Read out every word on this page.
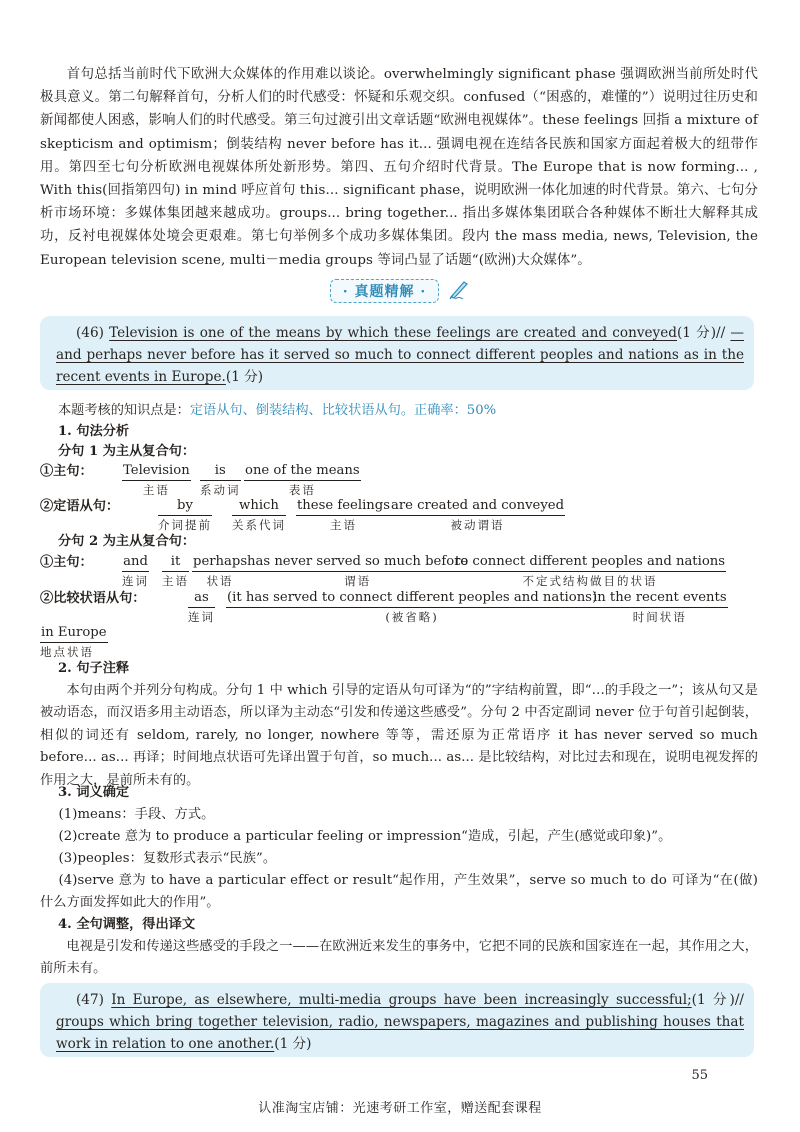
首句总括当前时代下欧洲大众媒体的作用难以谈论。overwhelmingly significant phase 强调欧洲当前所处时代极具意义。第二句解释首句，分析人们的时代感受：怀疑和乐观交织。confused（“困惑的，难懂的”）说明过往历史和新闻都使人困惑，影响人们的时代感受。第三句过渡引出文章话题“欧洲电视媒体”。these feelings 回指 a mixture of skepticism and optimism；倒装结构 never before has it... 强调电视在连结各民族和国家方面起着极大的纽带作用。第四至七句分析欧洲电视媒体所处新形势。第四、五句介绍时代背景。The Europe that is now forming... , With this(回指第四句) in mind 呼应首句 this... significant phase，说明欧洲一体化加速的时代背景。第六、七句分析市场环境：多媒体集团越来越成功。groups... bring together... 指出多媒体集团联合各种媒体不断壮大解释其成功，反衬电视媒体处境会更艰难。第七句举例多个成功多媒体集团。段内 the mass media, news, Television, the European television scene, multi－media groups 等词凸显了话题“(欧洲)大众媒体”。
· 真题精解 ·
(46) Television is one of the means by which these feelings are created and conveyed(1 分)// —and perhaps never before has it served so much to connect different peoples and nations as in the recent events in Europe.(1 分)
本题考核的知识点是：定语从句、倒装结构、比较状语从句。正确率：50%
1. 句法分析
分句 1 为主从复合句：
①主句： Television
主语
is
系动词
one of the means
表语
②定语从句：	by
介词提前
which
关系代词
these feelings
主语
are created and conveyed
被动谓语
分句 2 为主从复合句：
①主句： and
连词
it
主语
perhaps
状语
has never served so much before
谓语
to connect different peoples and nations
不定式结构做目的状语
②比较状语从句：	as
连词
(it has served to connect different peoples and nations)
(被省略)
in the recent events
时间状语
in Europe
地点状语
2. 句子注释
本句由两个并列分句构成。分句 1 中 which 引导的定语从句可译为“的”字结构前置，即“…的手段之一”；该从句又是被动语态，而汉语多用主动语态，所以译为主动态“引发和传递这些感受”。分句 2 中否定副词 never 位于句首引起倒装，相似的词还有 seldom, rarely, no longer, nowhere 等等，需还原为正常语序 it has never served so much before... as... 再译；时间地点状语可先译出置于句首，so much... as... 是比较结构，对比过去和现在，说明电视发挥的作用之大，是前所未有的。
3. 词义确定
(1)means：手段、方式。
(2)create 意为 to produce a particular feeling or impression“造成，引起，产生(感觉或印象)”。
(3)peoples：复数形式表示“民族”。
(4)serve 意为 to have a particular effect or result“起作用，产生效果”，serve so much to do 可译为“在(做)什么方面发挥如此大的作用”。
4. 全句调整，得出译文
电视是引发和传递这些感受的手段之一——在欧洲近来发生的事务中，它把不同的民族和国家连在一起，其作用之大，前所未有。
(47) In Europe, as elsewhere, multi-media groups have been increasingly successful;(1 分)// groups which bring together television, radio, newspapers, magazines and publishing houses that work in relation to one another.(1 分)
55
认准淘宝店铺：光速考研工作室，赠送配套课程
